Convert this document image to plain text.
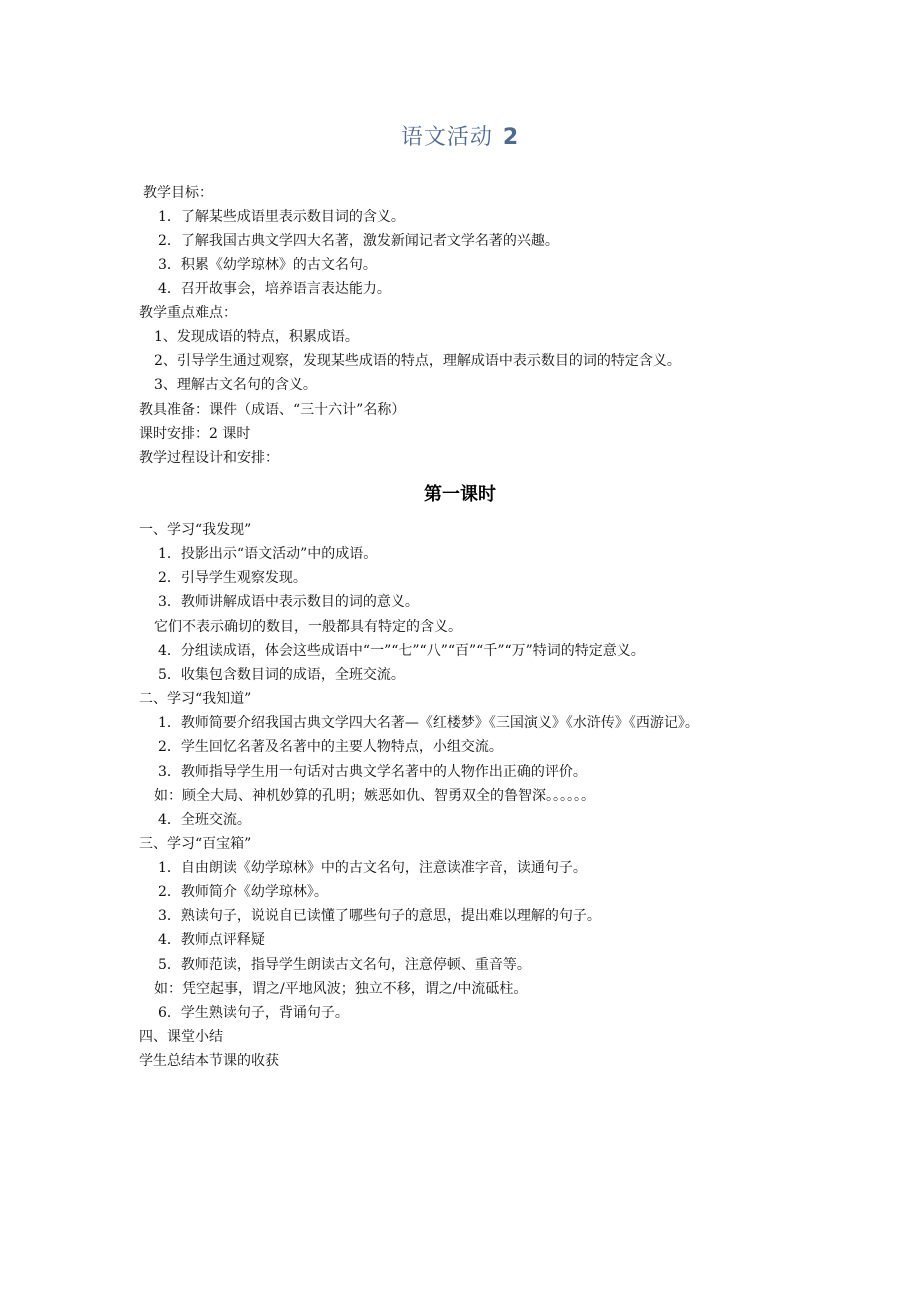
语文活动 2
教学目标：
1．了解某些成语里表示数目词的含义。
2．了解我国古典文学四大名著，激发新闻记者文学名著的兴趣。
3．积累《幼学琼林》的古文名句。
4．召开故事会，培养语言表达能力。
教学重点难点：
1、发现成语的特点，积累成语。
2、引导学生通过观察，发现某些成语的特点，理解成语中表示数目的词的特定含义。
3、理解古文名句的含义。
教具准备：课件（成语、“三十六计”名称）
课时安排：2 课时
教学过程设计和安排：
第一课时
一、学习“我发现”
1．投影出示“语文活动”中的成语。
2．引导学生观察发现。
3．教师讲解成语中表示数目的词的意义。
它们不表示确切的数目，一般都具有特定的含义。
4．分组读成语，体会这些成语中“一”“七”“八”“百”“千”“万”特词的特定意义。
5．收集包含数目词的成语，全班交流。
二、学习“我知道”
1．教师简要介绍我国古典文学四大名著—《红楼梦》《三国演义》《水浒传》《西游记》。
2．学生回忆名著及名著中的主要人物特点，小组交流。
3．教师指导学生用一句话对古典文学名著中的人物作出正确的评价。
如：顾全大局、神机妙算的孔明；嫉恶如仇、智勇双全的鲁智深。。。。。。
4．全班交流。
三、学习“百宝箱”
1．自由朗读《幼学琼林》中的古文名句，注意读准字音，读通句子。
2．教师简介《幼学琼林》。
3．熟读句子，说说自已读懂了哪些句子的意思，提出难以理解的句子。
4．教师点评释疑
5．教师范读，指导学生朗读古文名句，注意停顿、重音等。
如：凭空起事，谓之/平地风波；独立不移，谓之/中流砥柱。
6．学生熟读句子，背诵句子。
四、课堂小结
学生总结本节课的收获
